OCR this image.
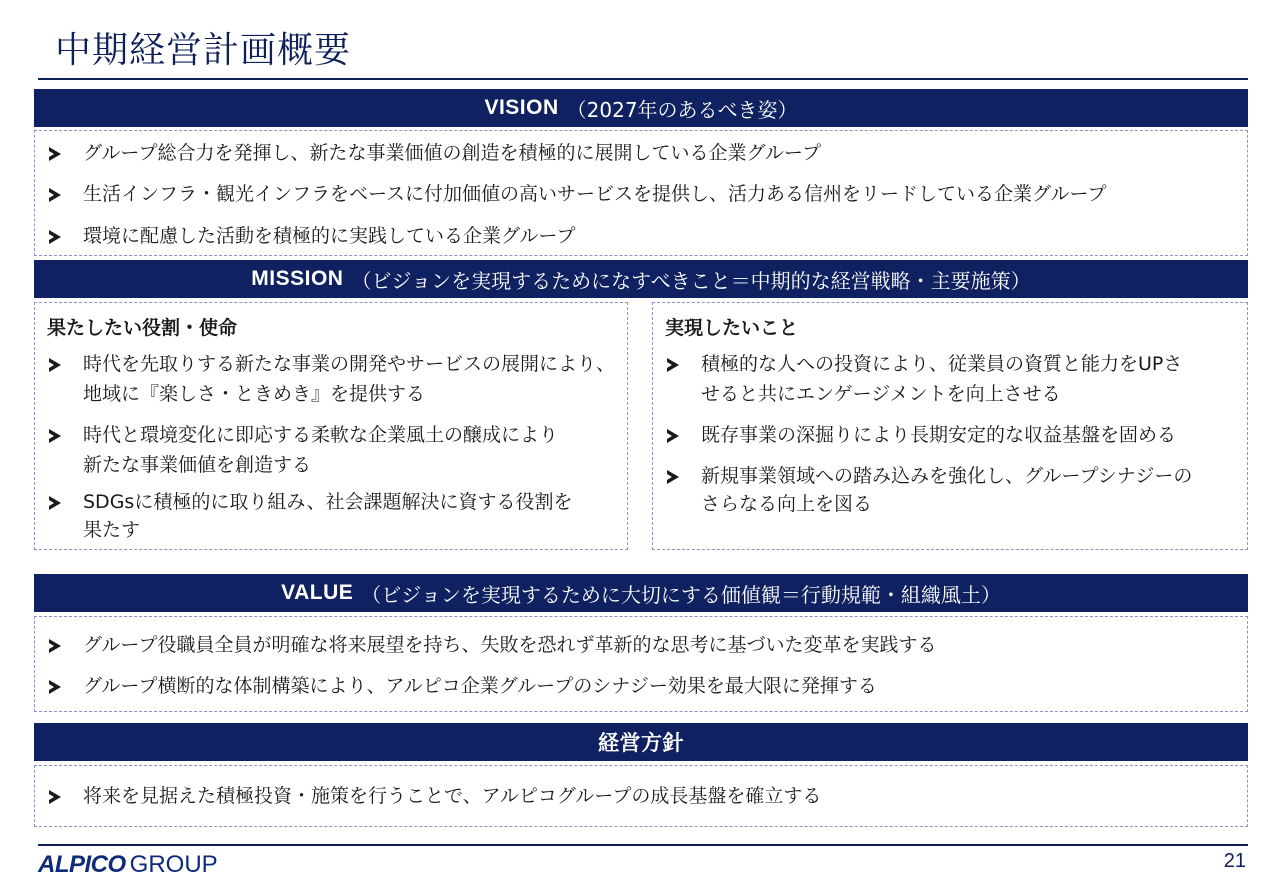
中期経営計画概要
VISION （2027年のあるべき姿）
グループ総合力を発揮し、新たな事業価値の創造を積極的に展開している企業グループ
生活インフラ・観光インフラをベースに付加価値の高いサービスを提供し、活力ある信州をリードしている企業グループ
環境に配慮した活動を積極的に実践している企業グループ
MISSION （ビジョンを実現するためになすべきこと＝中期的な経営戦略・主要施策）
果たしたい役割・使命
時代を先取りする新たな事業の開発やサービスの展開により、
地域に『楽しさ・ときめき』を提供する
時代と環境変化に即応する柔軟な企業風土の醸成により
新たな事業価値を創造する
SDGsに積極的に取り組み、社会課題解決に資する役割を
果たす
実現したいこと
積極的な人への投資により、従業員の資質と能力をUPさ
せると共にエンゲージメントを向上させる
既存事業の深掘りにより長期安定的な収益基盤を固める
新規事業領域への踏み込みを強化し、グループシナジーの
さらなる向上を図る
VALUE （ビジョンを実現するために大切にする価値観＝行動規範・組織風土）
グループ役職員全員が明確な将来展望を持ち、失敗を恐れず革新的な思考に基づいた変革を実践する
グループ横断的な体制構築により、アルピコ企業グループのシナジー効果を最大限に発揮する
経営方針
将来を見据えた積極投資・施策を行うことで、アルピコグループの成長基盤を確立する
ALPICO GROUP	21
